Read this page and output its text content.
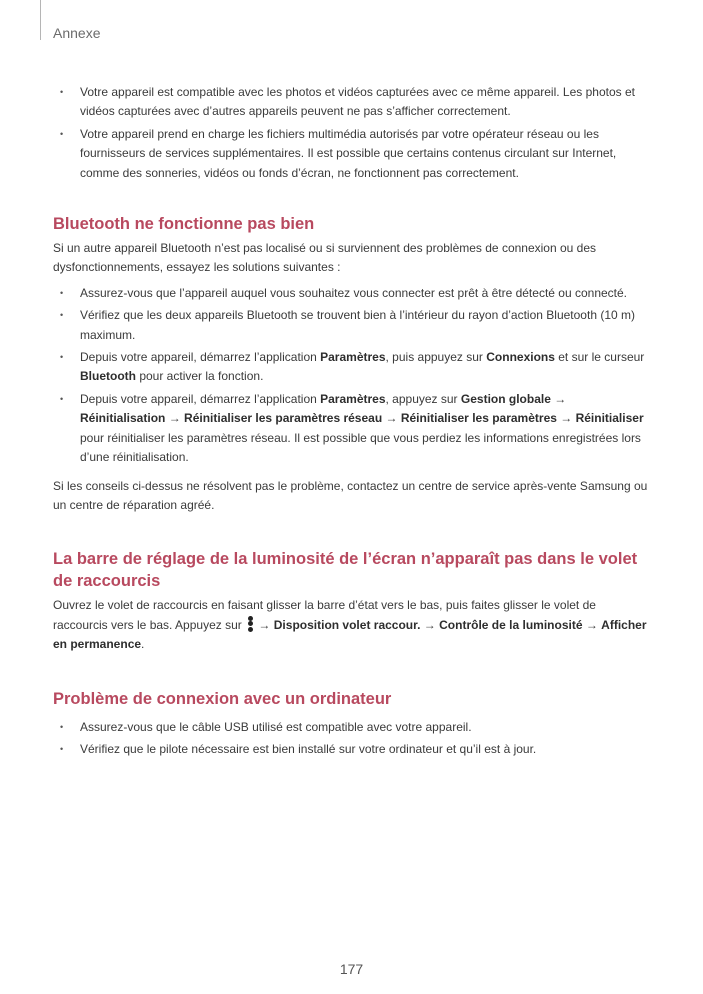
Annexe
• Votre appareil est compatible avec les photos et vidéos capturées avec ce même appareil. Les photos et vidéos capturées avec d’autres appareils peuvent ne pas s’afficher correctement.
• Votre appareil prend en charge les fichiers multimédia autorisés par votre opérateur réseau ou les fournisseurs de services supplémentaires. Il est possible que certains contenus circulant sur Internet, comme des sonneries, vidéos ou fonds d’écran, ne fonctionnent pas correctement.
Bluetooth ne fonctionne pas bien

Si un autre appareil Bluetooth n’est pas localisé ou si surviennent des problèmes de connexion ou des dysfonctionnements, essayez les solutions suivantes :

• Assurez-vous que l’appareil auquel vous souhaitez vous connecter est prêt à être détecté ou connecté.
• Vérifiez que les deux appareils Bluetooth se trouvent bien à l’intérieur du rayon d’action Bluetooth (10 m) maximum.
• Depuis votre appareil, démarrez l’application Paramètres, puis appuyez sur Connexions et sur le curseur Bluetooth pour activer la fonction.
• Depuis votre appareil, démarrez l’application Paramètres, appuyez sur Gestion globale → Réinitialisation → Réinitialiser les paramètres réseau → Réinitialiser les paramètres → Réinitialiser pour réinitialiser les paramètres réseau. Il est possible que vous perdiez les informations enregistrées lors d’une réinitialisation.

Si les conseils ci-dessus ne résolvent pas le problème, contactez un centre de service après-vente Samsung ou un centre de réparation agréé.

La barre de réglage de la luminosité de l’écran n’apparaît pas dans le volet de raccourcis

Ouvrez le volet de raccourcis en faisant glisser la barre d’état vers le bas, puis faites glisser le volet de raccourcis vers le bas. Appuyez sur
→ Disposition volet raccour. → Contrôle de la luminosité → Afficher en permanence.

Problème de connexion avec un ordinateur
• Assurez-vous que le câble USB utilisé est compatible avec votre appareil.
• Vérifiez que le pilote nécessaire est bien installé sur votre ordinateur et qu’il est à jour.
177
